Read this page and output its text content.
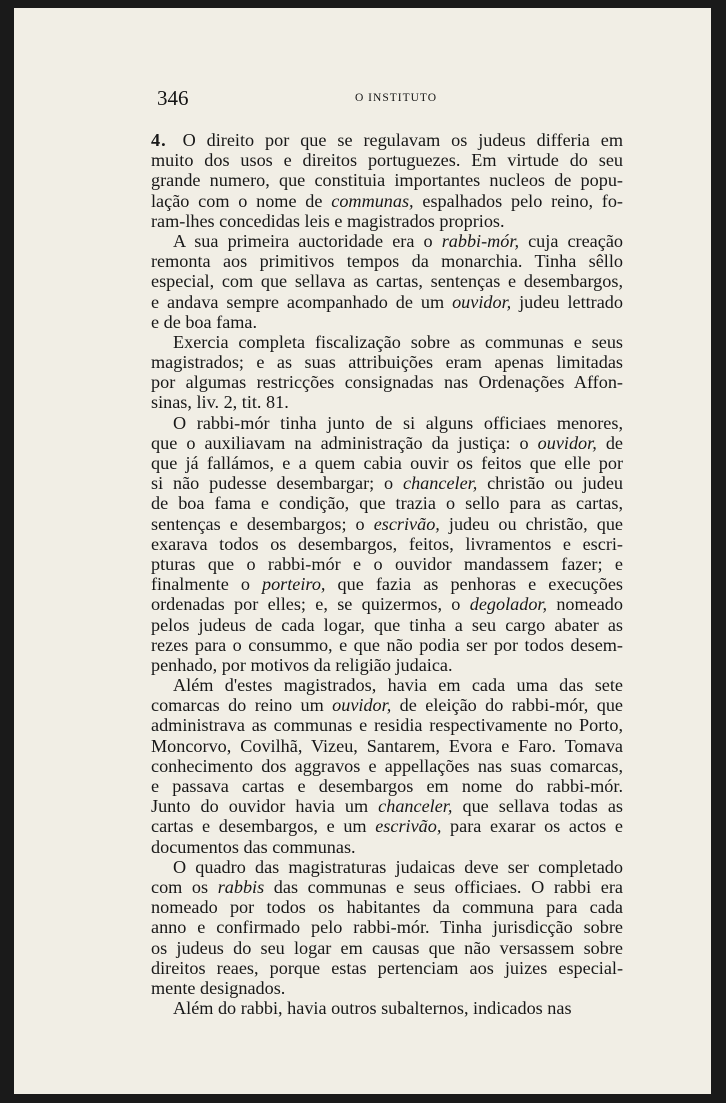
346	O INSTITUTO
4. O direito por que se regulavam os judeus differia em
muito dos usos e direitos portuguezes. Em virtude do seu
grande numero, que constituia importantes nucleos de popu-
lação com o nome de communas, espalhados pelo reino, fo-
ram-lhes concedidas leis e magistrados proprios.
A sua primeira auctoridade era o rabbi-mór, cuja creação
remonta aos primitivos tempos da monarchia. Tinha sêllo
especial, com que sellava as cartas, sentenças e desembargos,
e andava sempre acompanhado de um ouvidor, judeu lettrado
e de boa fama.
Exercia completa fiscalização sobre as communas e seus
magistrados; e as suas attribuições eram apenas limitadas
por algumas restricções consignadas nas Ordenações Affon-
sinas, liv. 2, tit. 81.
O rabbi-mór tinha junto de si alguns officiaes menores,
que o auxiliavam na administração da justiça: o ouvidor, de
que já fallámos, e a quem cabia ouvir os feitos que elle por
si não pudesse desembargar; o chanceler, christão ou judeu
de boa fama e condição, que trazia o sello para as cartas,
sentenças e desembargos; o escrivão, judeu ou christão, que
exarava todos os desembargos, feitos, livramentos e escri-
pturas que o rabbi-mór e o ouvidor mandassem fazer; e
finalmente o porteiro, que fazia as penhoras e execuções
ordenadas por elles; e, se quizermos, o degolador, nomeado
pelos judeus de cada logar, que tinha a seu cargo abater as
rezes para o consummo, e que não podia ser por todos desem-
penhado, por motivos da religião judaica.
Além d'estes magistrados, havia em cada uma das sete
comarcas do reino um ouvidor, de eleição do rabbi-mór, que
administrava as communas e residia respectivamente no Porto,
Moncorvo, Covilhã, Vizeu, Santarem, Evora e Faro. Tomava
conhecimento dos aggravos e appellações nas suas comarcas,
e passava cartas e desembargos em nome do rabbi-mór.
Junto do ouvidor havia um chanceler, que sellava todas as
cartas e desembargos, e um escrivão, para exarar os actos e
documentos das communas.
O quadro das magistraturas judaicas deve ser completado
com os rabbis das communas e seus officiaes. O rabbi era
nomeado por todos os habitantes da communa para cada
anno e confirmado pelo rabbi-mór. Tinha jurisdicção sobre
os judeus do seu logar em causas que não versassem sobre
direitos reaes, porque estas pertenciam aos juizes especial-
mente designados.
Além do rabbi, havia outros subalternos, indicados nas
